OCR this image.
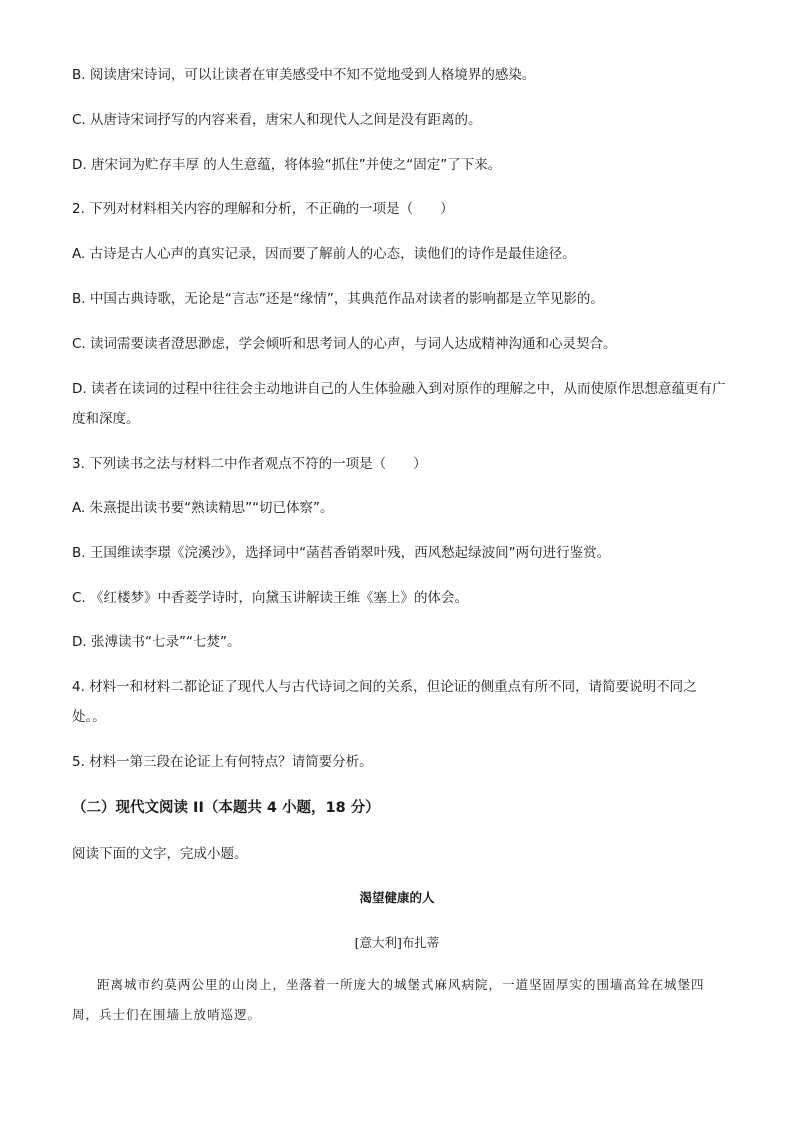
B. 阅读唐宋诗词，可以让读者在审美感受中不知不觉地受到人格境界的感染。
C. 从唐诗宋词抒写的内容来看，唐宋人和现代人之间是没有距离的。
D. 唐宋词为贮存丰厚 的人生意蕴，将体验“抓住”并使之“固定”了下来。
2. 下列对材料相关内容的理解和分析，不正确的一项是（　　）
A. 古诗是古人心声的真实记录，因而要了解前人的心态，读他们的诗作是最佳途径。
B. 中国古典诗歌，无论是“言志”还是“缘情”，其典范作品对读者的影响都是立竿见影的。
C. 读词需要读者澄思渺虑，学会倾听和思考词人的心声，与词人达成精神沟通和心灵契合。
D. 读者在读词的过程中往往会主动地讲自己的人生体验融入到对原作的理解之中，从而使原作思想意蕴更有广度和深度。
3. 下列读书之法与材料二中作者观点不符的一项是（　　）
A. 朱熹提出读书要“熟读精思”“切已体察”。
B. 王国维读李璟《浣溪沙》，选择词中“菡萏香销翠叶残，西风愁起绿波间”两句进行鉴赏。
C. 《红楼梦》中香菱学诗时，向黛玉讲解读王维《塞上》的体会。
D. 张溥读书“七录”“七焚”。
4. 材料一和材料二都论证了现代人与古代诗词之间的关系，但论证的侧重点有所不同，请简要说明不同之处。。
5. 材料一第三段在论证上有何特点？请简要分析。
（二）现代文阅读 II（本题共 4 小题，18 分）
阅读下面的文字，完成小题。
渴望健康的人
[意大利]布扎蒂
距离城市约莫两公里的山岗上，坐落着一所庞大的城堡式麻风病院，一道坚固厚实的围墙高耸在城堡四周，兵士们在围墙上放哨巡逻。
